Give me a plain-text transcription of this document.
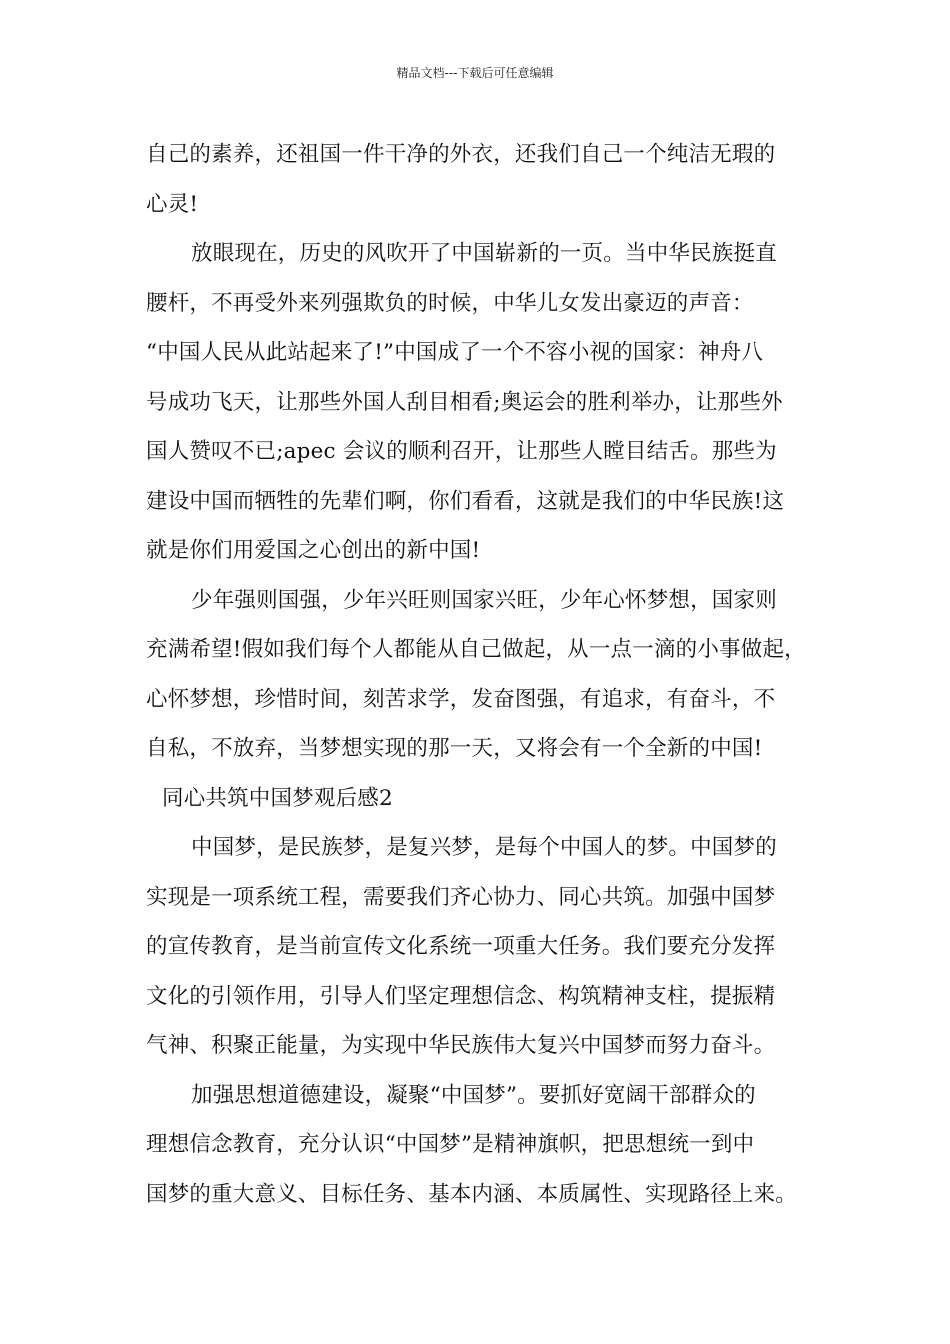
精品文档---下载后可任意编辑
自己的素养，还祖国一件干净的外衣，还我们自己一个纯洁无瑕的
心灵!
放眼现在，历史的风吹开了中国崭新的一页。当中华民族挺直
腰杆，不再受外来列强欺负的时候，中华儿女发出豪迈的声音：
“中国人民从此站起来了!”中国成了一个不容小视的国家：神舟八
号成功飞天，让那些外国人刮目相看;奥运会的胜利举办，让那些外
国人赞叹不已;apec 会议的顺利召开，让那些人瞠目结舌。那些为
建设中国而牺牲的先辈们啊，你们看看，这就是我们的中华民族!这
就是你们用爱国之心创出的新中国!
少年强则国强，少年兴旺则国家兴旺，少年心怀梦想，国家则
充满希望!假如我们每个人都能从自己做起，从一点一滴的小事做起，
心怀梦想，珍惜时间，刻苦求学，发奋图强，有追求，有奋斗，不
自私，不放弃，当梦想实现的那一天，又将会有一个全新的中国!
同心共筑中国梦观后感2
中国梦，是民族梦，是复兴梦，是每个中国人的梦。中国梦的
实现是一项系统工程，需要我们齐心协力、同心共筑。加强中国梦
的宣传教育，是当前宣传文化系统一项重大任务。我们要充分发挥
文化的引领作用，引导人们坚定理想信念、构筑精神支柱，提振精
气神、积聚正能量，为实现中华民族伟大复兴中国梦而努力奋斗。
加强思想道德建设，凝聚“中国梦”。要抓好宽阔干部群众的
理想信念教育，充分认识“中国梦”是精神旗帜，把思想统一到中
国梦的重大意义、目标任务、基本内涵、本质属性、实现路径上来。
